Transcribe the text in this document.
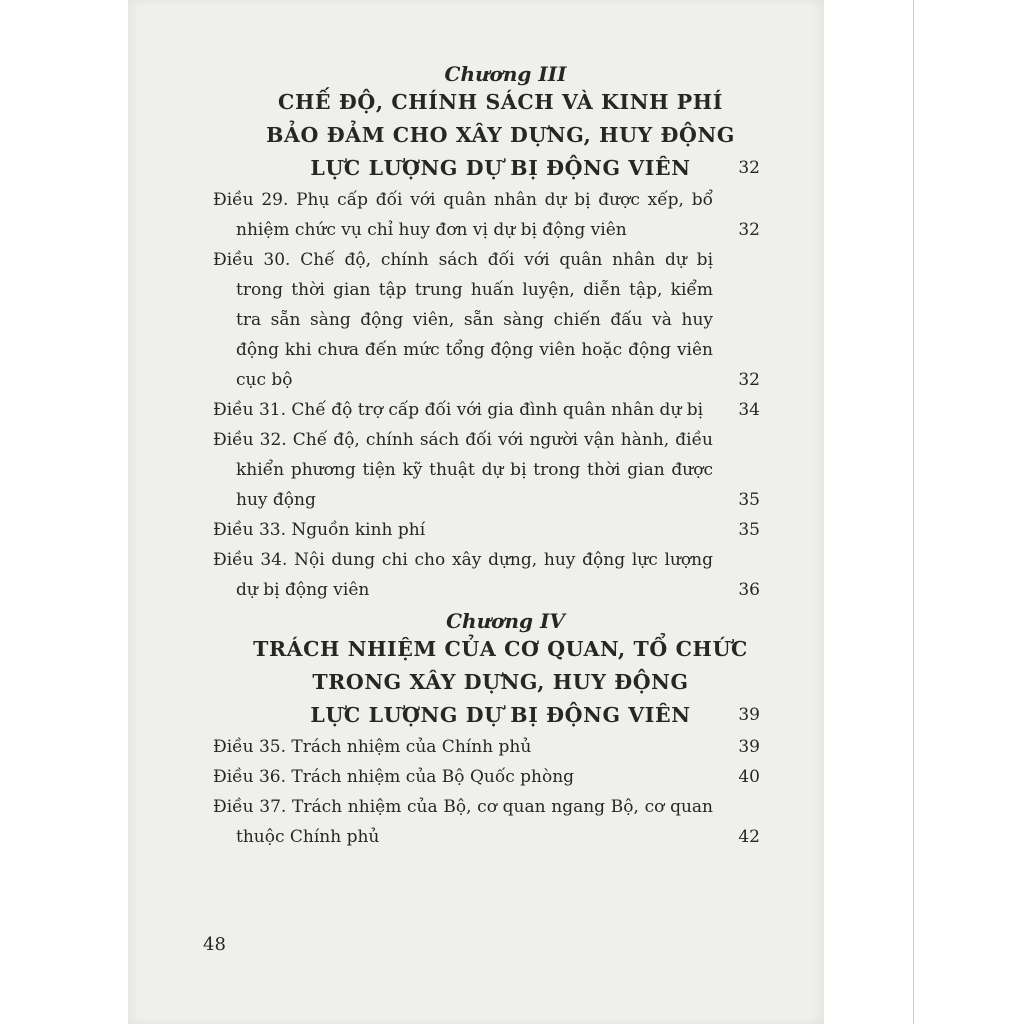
Chương III
CHẾ ĐỘ, CHÍNH SÁCH VÀ KINH PHÍ
BẢO ĐẢM CHO XÂY DỰNG, HUY ĐỘNG
LỰC LƯỢNG DỰ BỊ ĐỘNG VIÊN	32
Điều 29. Phụ cấp đối với quân nhân dự bị được xếp, bổ nhiệm chức vụ chỉ huy đơn vị dự bị động viên	32
Điều 30. Chế độ, chính sách đối với quân nhân dự bị trong thời gian tập trung huấn luyện, diễn tập, kiểm tra sẵn sàng động viên, sẵn sàng chiến đấu và huy động khi chưa đến mức tổng động viên hoặc động viên cục bộ	32
Điều 31. Chế độ trợ cấp đối với gia đình quân nhân dự bị 34
Điều 32. Chế độ, chính sách đối với người vận hành, điều khiển phương tiện kỹ thuật dự bị trong thời gian được huy động	35
Điều 33. Nguồn kinh phí	35
Điều 34. Nội dung chi cho xây dựng, huy động lực lượng dự bị động viên	36
Chương IV
TRÁCH NHIỆM CỦA CƠ QUAN, TỔ CHỨC
TRONG XÂY DỰNG, HUY ĐỘNG
LỰC LƯỢNG DỰ BỊ ĐỘNG VIÊN	39
Điều 35. Trách nhiệm của Chính phủ	39
Điều 36. Trách nhiệm của Bộ Quốc phòng	40
Điều 37. Trách nhiệm của Bộ, cơ quan ngang Bộ, cơ quan thuộc Chính phủ	42
48
